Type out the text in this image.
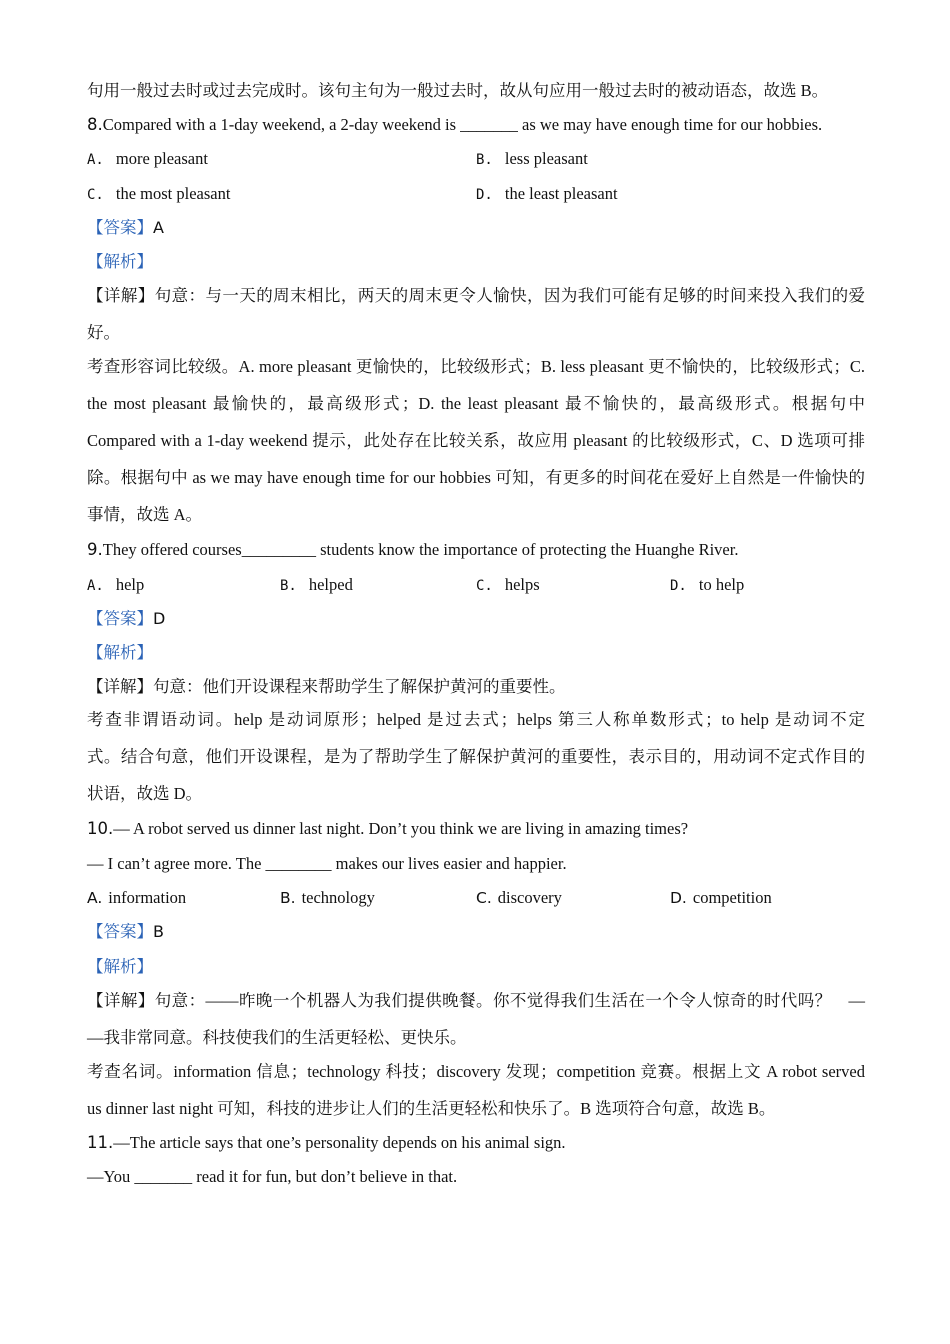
句用一般过去时或过去完成时。该句主句为一般过去时，故从句应用一般过去时的被动语态，故选 B。
8.Compared with a 1-day weekend, a 2-day weekend is _______ as we may have enough time for our hobbies.
A. more pleasant	B. less pleasant
C. the most pleasant	D. the least pleasant
【答案】A
【解析】
【详解】句意：与一天的周末相比，两天的周末更令人愉快，因为我们可能有足够的时间来投入我们的爱
好。
考查形容词比较级。A. more pleasant 更愉快的，比较级形式；B. less pleasant 更不愉快的，比较级形式；C.
the most pleasant 最愉快的，最高级形式；D. the least pleasant 最不愉快的，最高级形式。根据句中
Compared with a 1-day weekend 提示，此处存在比较关系，故应用 pleasant 的比较级形式，C、D 选项可排
除。根据句中 as we may have enough time for our hobbies 可知，有更多的时间花在爱好上自然是一件愉快的
事情，故选 A。
9.They offered courses_________ students know the importance of protecting the Huanghe River.
A. help	B. helped	C. helps	D. to help
【答案】D
【解析】
【详解】句意：他们开设课程来帮助学生了解保护黄河的重要性。
考查非谓语动词。help 是动词原形；helped 是过去式；helps 第三人称单数形式；to help 是动词不定
式。结合句意，他们开设课程，是为了帮助学生了解保护黄河的重要性，表示目的，用动词不定式作目的
状语，故选 D。
10.— A robot served us dinner last night. Don’t you think we are living in amazing times?
— I can’t agree more. The ________ makes our lives easier and happier.
A. information	B. technology	C. discovery	D. competition
【答案】B
【解析】
【详解】句意：——昨晚一个机器人为我们提供晚餐。你不觉得我们生活在一个令人惊奇的时代吗？　—
—我非常同意。科技使我们的生活更轻松、更快乐。
考查名词。information 信息；technology 科技；discovery 发现；competition 竞赛。根据上文 A robot served
us dinner last night 可知，科技的进步让人们的生活更轻松和快乐了。B 选项符合句意，故选 B。
11.—The article says that one’s personality depends on his animal sign.
—You _______ read it for fun, but don’t believe in that.
